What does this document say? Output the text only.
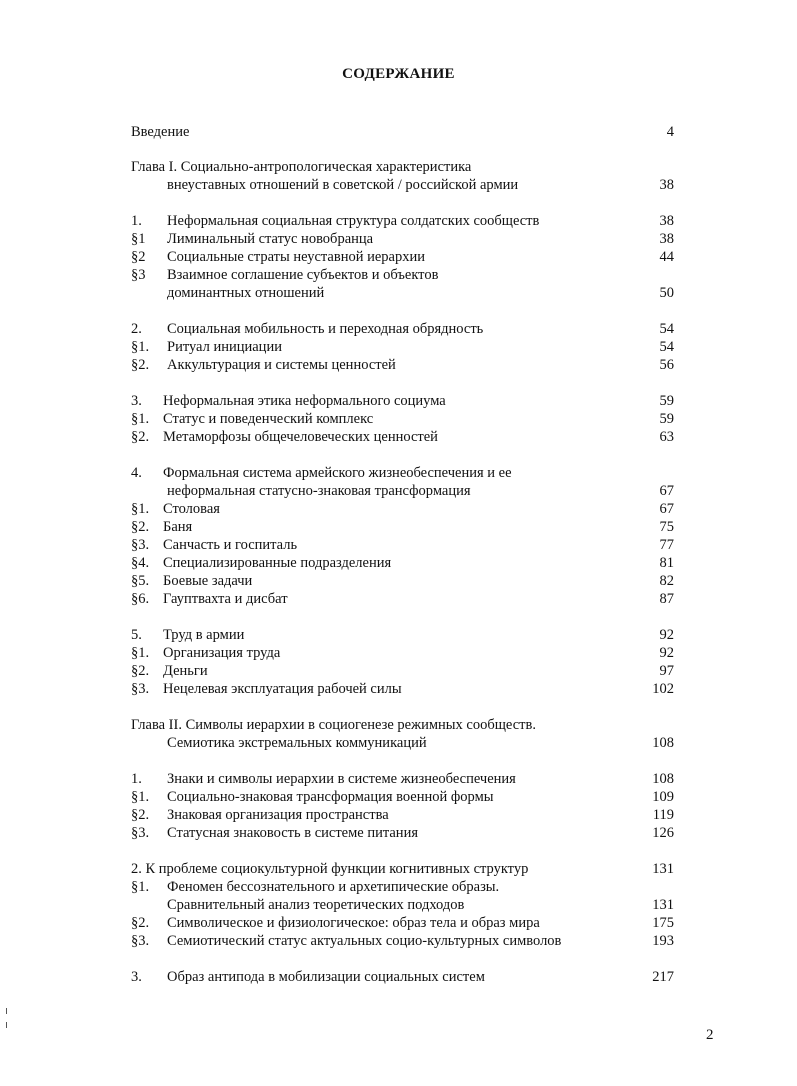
СОДЕРЖАНИЕ
Введение	4
Глава I. Социально-антропологическая характеристика
внеуставных отношений в советской / российской армии	38
1. Неформальная социальная структура солдатских сообществ	38
§1 Лиминальный статус новобранца	38
§2 Социальные страты неуставной иерархии	44
§3 Взаимное соглашение субъектов и объектов
доминантных отношений	50
2. Социальная мобильность и переходная обрядность	54
§1. Ритуал инициации	54
§2. Аккультурация и системы ценностей	56
3. Неформальная этика неформального социума	59
§1. Статус и поведенческий комплекс	59
§2. Метаморфозы общечеловеческих ценностей	63
4. Формальная система армейского жизнеобеспечения и ее
неформальная статусно-знаковая трансформация	67
§1. Столовая	67
§2. Баня	75
§3. Санчасть и госпиталь	77
§4. Специализированные подразделения	81
§5. Боевые задачи	82
§6. Гауптвахта и дисбат	87
5. Труд в армии	92
§1. Организация труда	92
§2. Деньги	97
§3. Нецелевая эксплуатация рабочей силы	102
Глава II. Символы иерархии в социогенезе режимных сообществ.
Семиотика экстремальных коммуникаций	108
1. Знаки и символы иерархии в системе жизнеобеспечения	108
§1. Социально-знаковая трансформация военной формы	109
§2. Знаковая организация пространства	119
§3. Статусная знаковость в системе питания	126
2. К проблеме социокультурной функции когнитивных структур	131
§1. Феномен бессознательного и архетипические образы.
Сравнительный анализ теоретических подходов	131
§2. Символическое и физиологическое: образ тела и образ мира	175
§3. Семиотический статус актуальных социо-культурных символов	193
3. Образ антипода в мобилизации социальных систем	217
2
